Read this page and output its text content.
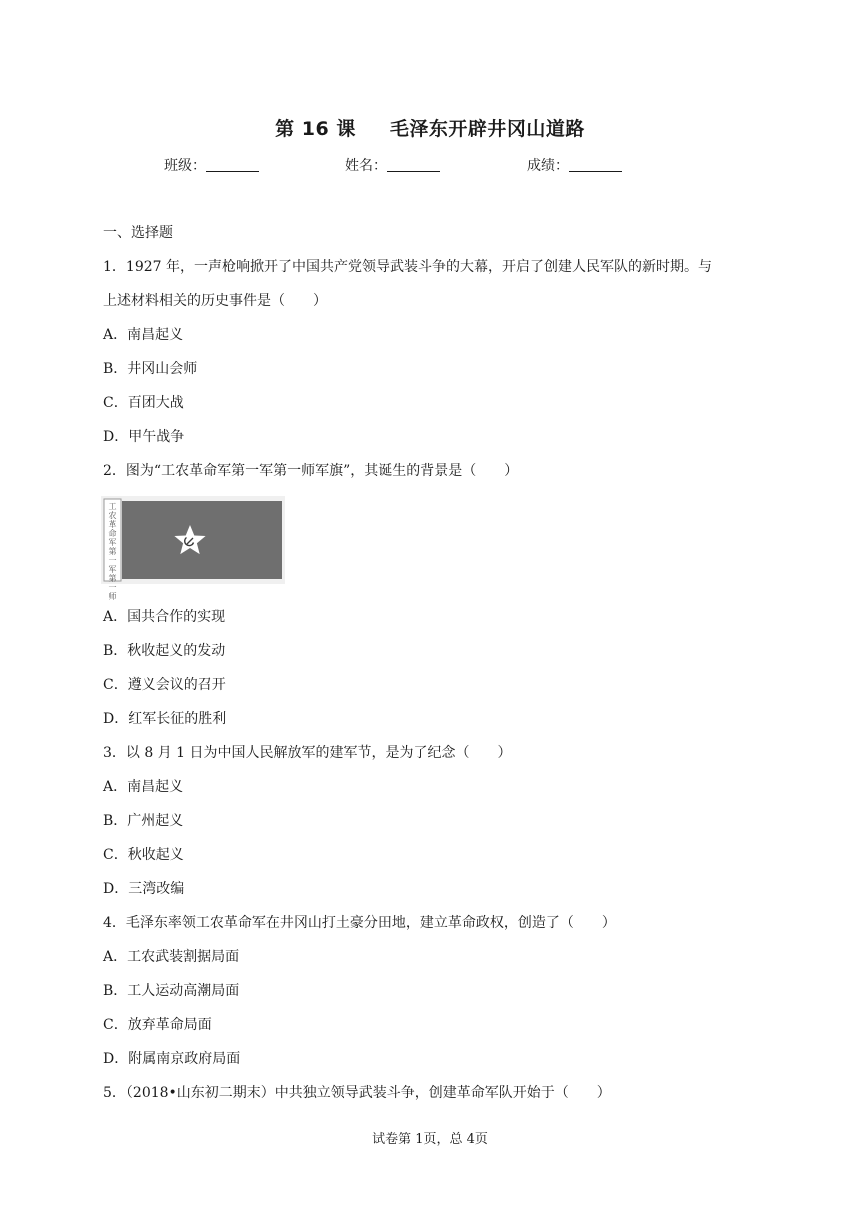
第 16 课 毛泽东开辟井冈山道路
班级：	姓名：	成绩：
一、选择题
1．1927 年，一声枪响掀开了中国共产党领导武装斗争的大幕，开启了创建人民军队的新时期。与
上述材料相关的历史事件是（　　）
A．南昌起义
B．井冈山会师
C．百团大战
D．甲午战争
2．图为“工农革命军第一军第一师军旗”，其诞生的背景是（　　）
工农革命军第一军第一师
A．国共合作的实现
B．秋收起义的发动
C．遵义会议的召开
D．红军长征的胜利
3．以 8 月 1 日为中国人民解放军的建军节，是为了纪念（　　）
A．南昌起义
B．广州起义
C．秋收起义
D．三湾改编
4．毛泽东率领工农革命军在井冈山打土豪分田地，建立革命政权，创造了（　　）
A．工农武装割据局面
B．工人运动高潮局面
C．放弃革命局面
D．附属南京政府局面
5．（2018•山东初二期末）中共独立领导武装斗争，创建革命军队开始于（　　）
试卷第 1页，总 4页
